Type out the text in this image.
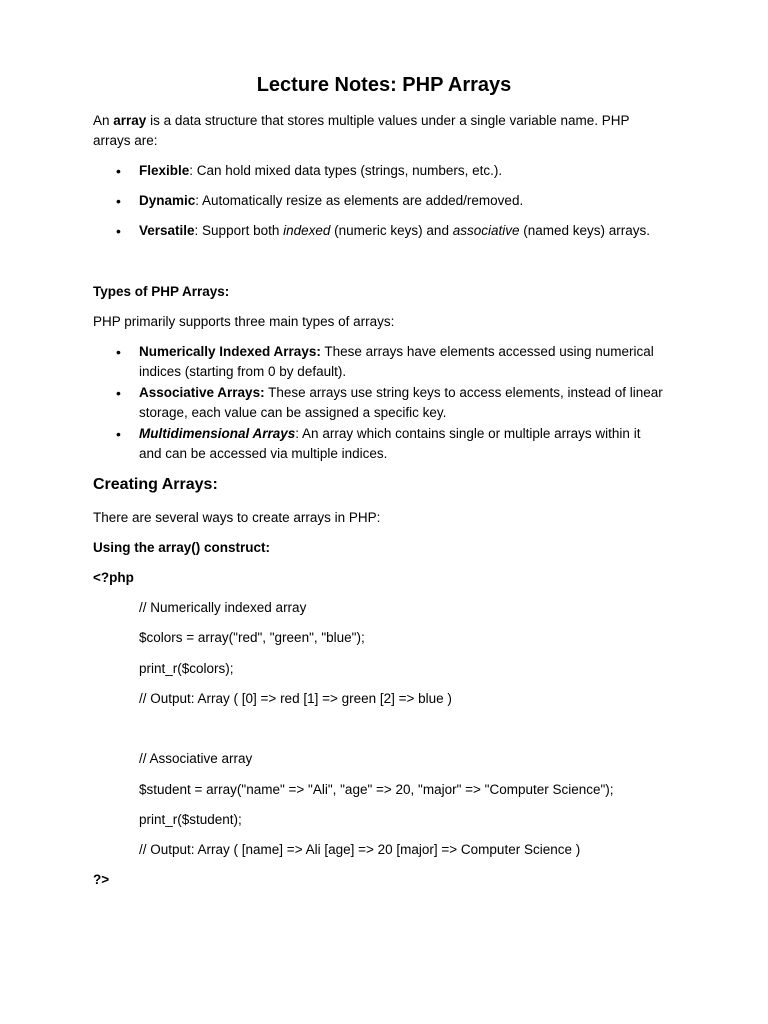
Lecture Notes: PHP Arrays
An array is a data structure that stores multiple values under a single variable name. PHP
arrays are:
• Flexible: Can hold mixed data types (strings, numbers, etc.).
• Dynamic: Automatically resize as elements are added/removed.
• Versatile: Support both indexed (numeric keys) and associative (named keys) arrays.
Types of PHP Arrays:
PHP primarily supports three main types of arrays:
• Numerically Indexed Arrays: These arrays have elements accessed using numerical
indices (starting from 0 by default).
• Associative Arrays: These arrays use string keys to access elements, instead of linear
storage, each value can be assigned a specific key.
• Multidimensional Arrays: An array which contains single or multiple arrays within it
and can be accessed via multiple indices.
Creating Arrays:
There are several ways to create arrays in PHP:
Using the array() construct:
<?php
// Numerically indexed array
$colors = array("red", "green", "blue");
print_r($colors);
// Output: Array ( [0] => red [1] => green [2] => blue )
// Associative array
$student = array("name" => "Ali", "age" => 20, "major" => "Computer Science");
print_r($student);
// Output: Array ( [name] => Ali [age] => 20 [major] => Computer Science )
?>
